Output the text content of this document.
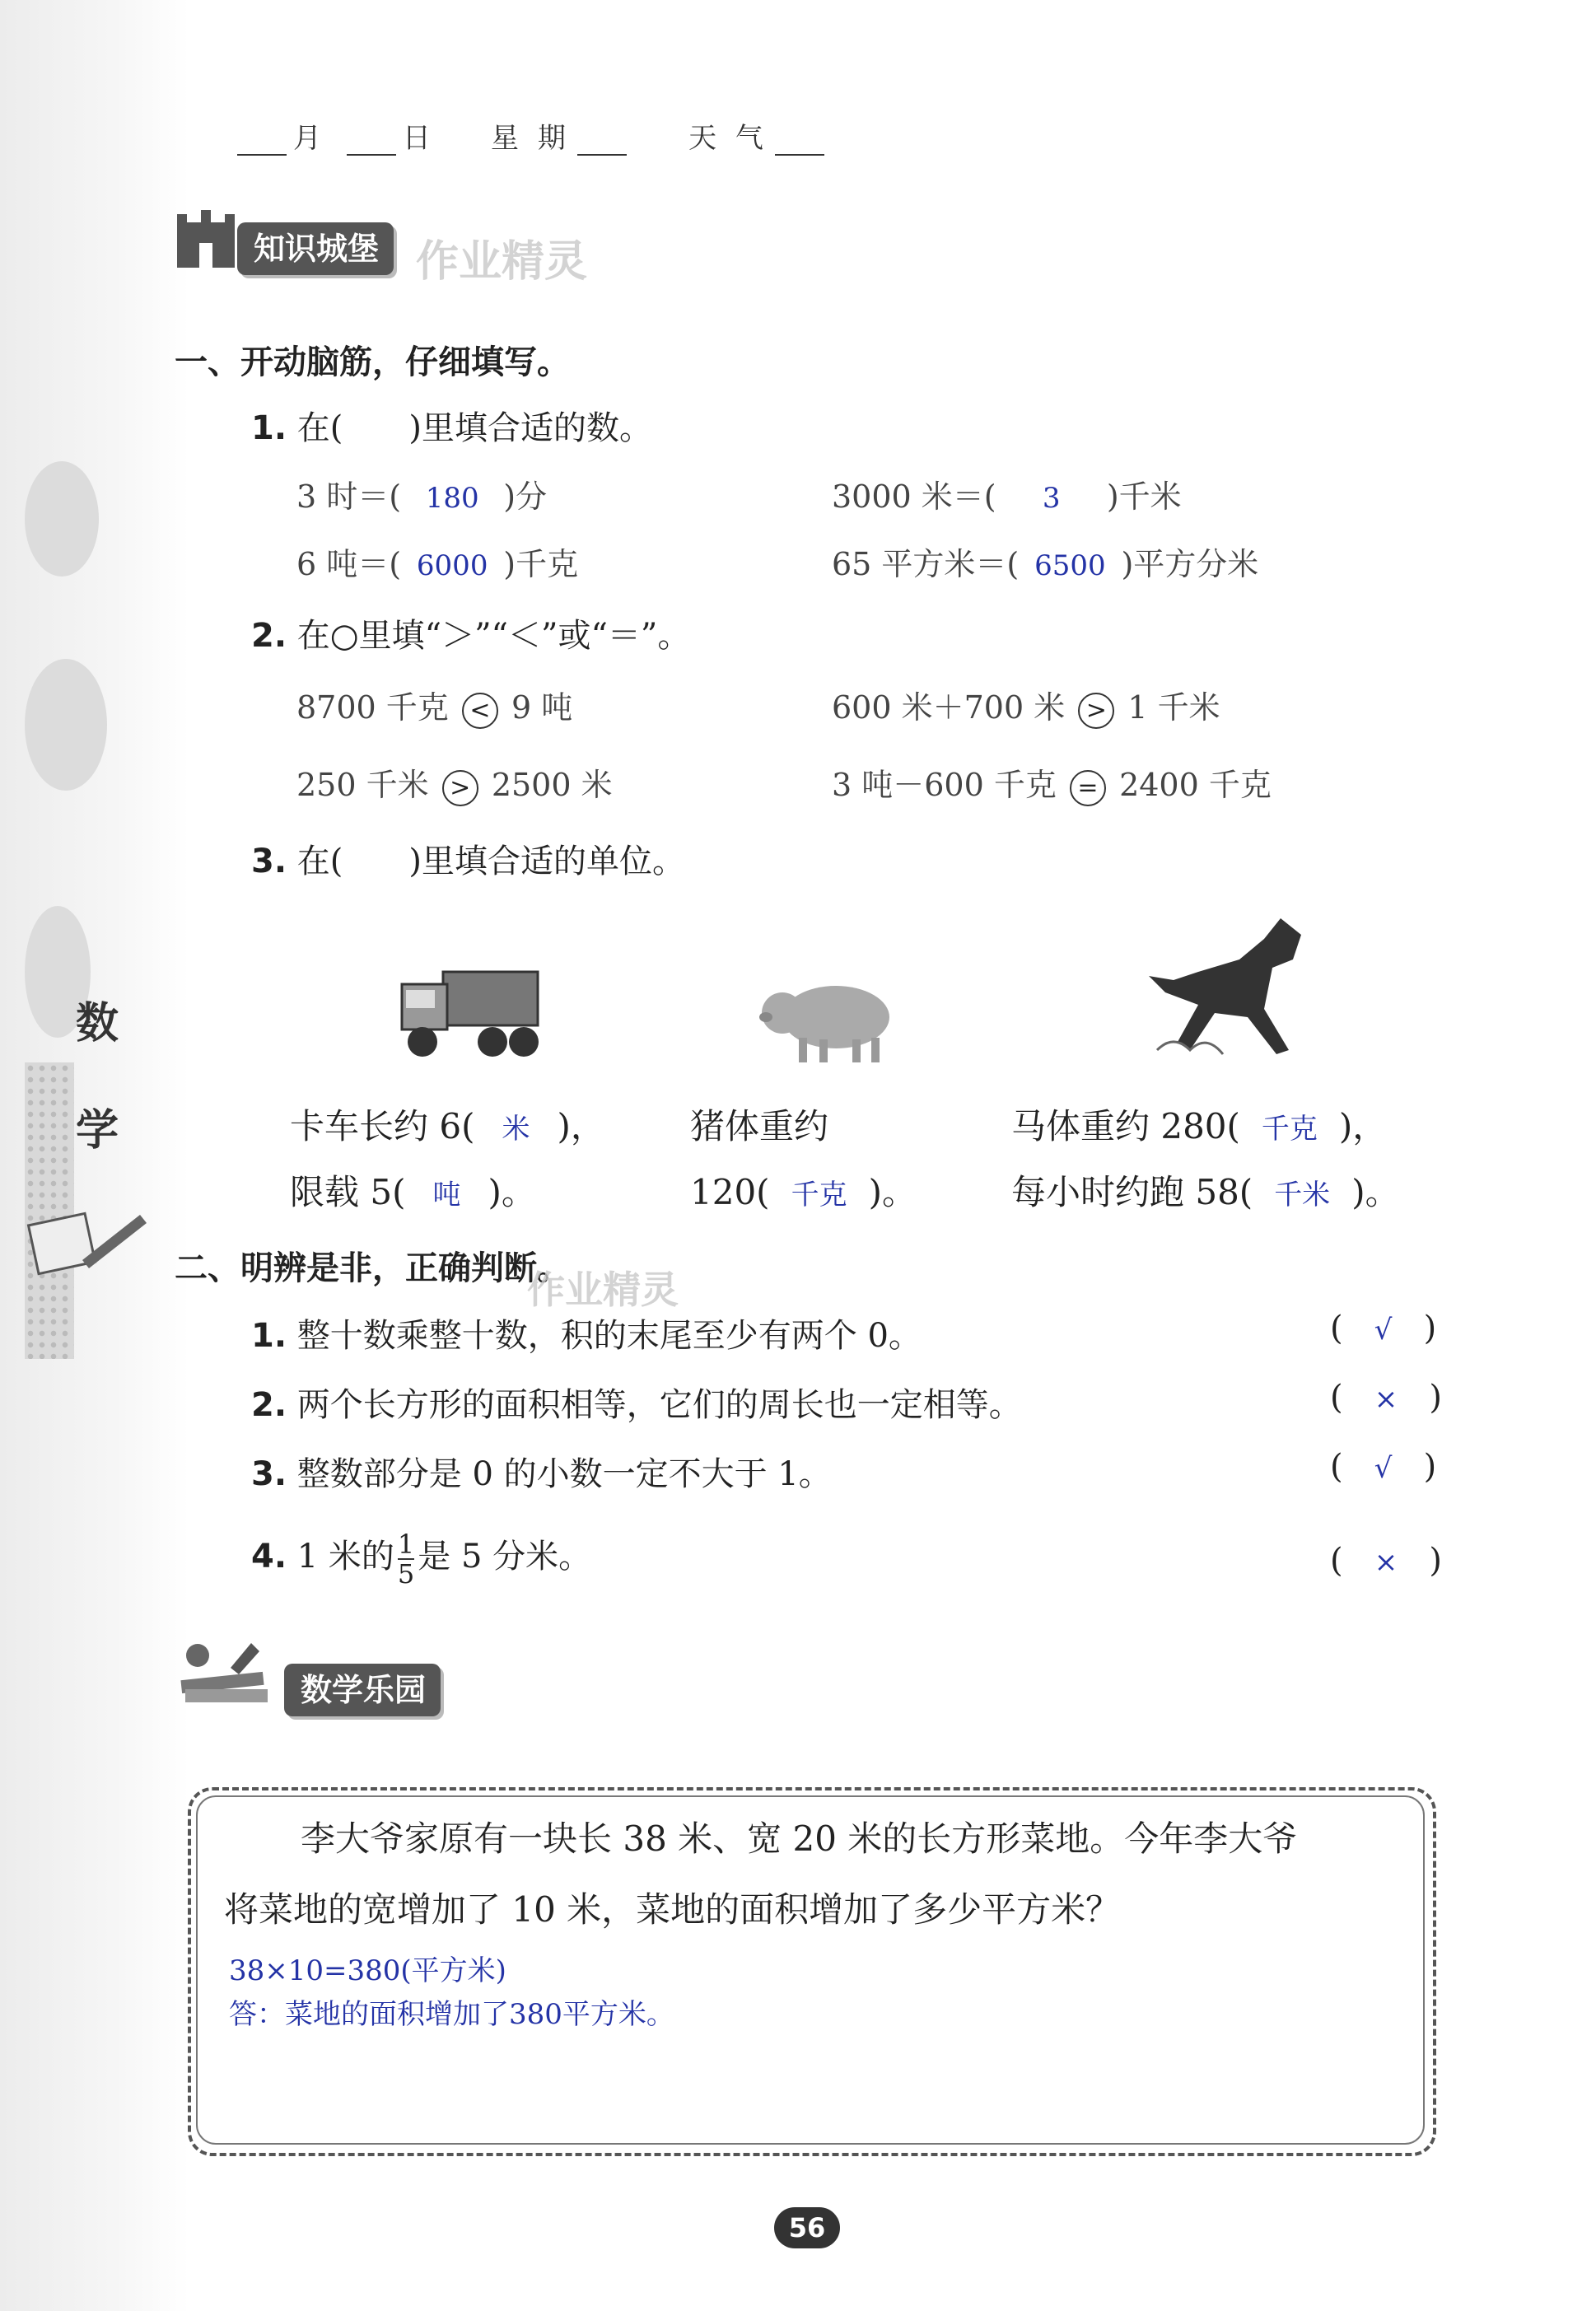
数
学
月	日 星 期	天 气
知识城堡 作业精灵
一、开动脑筋，仔细填写。
1. 在(　　)里填合适的数。
3 时＝( 180 )分	3000 米＝( 3 )千米
6 吨＝( 6000 )千克	65 平方米＝( 6500 )平方分米
2. 在○里填“＞”“＜”或“＝”。
8700 千克 < 9 吨	600 米＋700 米 > 1 千米
250 千米 > 2500 米	3 吨－600 千克 = 2400 千克
3. 在(　　)里填合适的单位。
卡车长约 6( 米 )，
限载 5( 吨 )。
猪体重约
120( 千克 )。
马体重约 280( 千克 )，
每小时约跑 58( 千米 )。
二、明辨是非，正确判断。
作业精灵
1. 整十数乘整十数，积的末尾至少有两个 0。	(   √   )
2. 两个长方形的面积相等，它们的周长也一定相等。	(   ×   )
3. 整数部分是 0 的小数一定不大于 1。	(   √   )
4. 1 米的 $\frac{1}{5}$ 是 5 分米。	(   ×   )
数学乐园
李大爷家原有一块长 38 米、宽 20 米的长方形菜地。今年李大爷
将菜地的宽增加了 10 米，菜地的面积增加了多少平方米？
38×10=380(平方米)
答：菜地的面积增加了380平方米。
56
